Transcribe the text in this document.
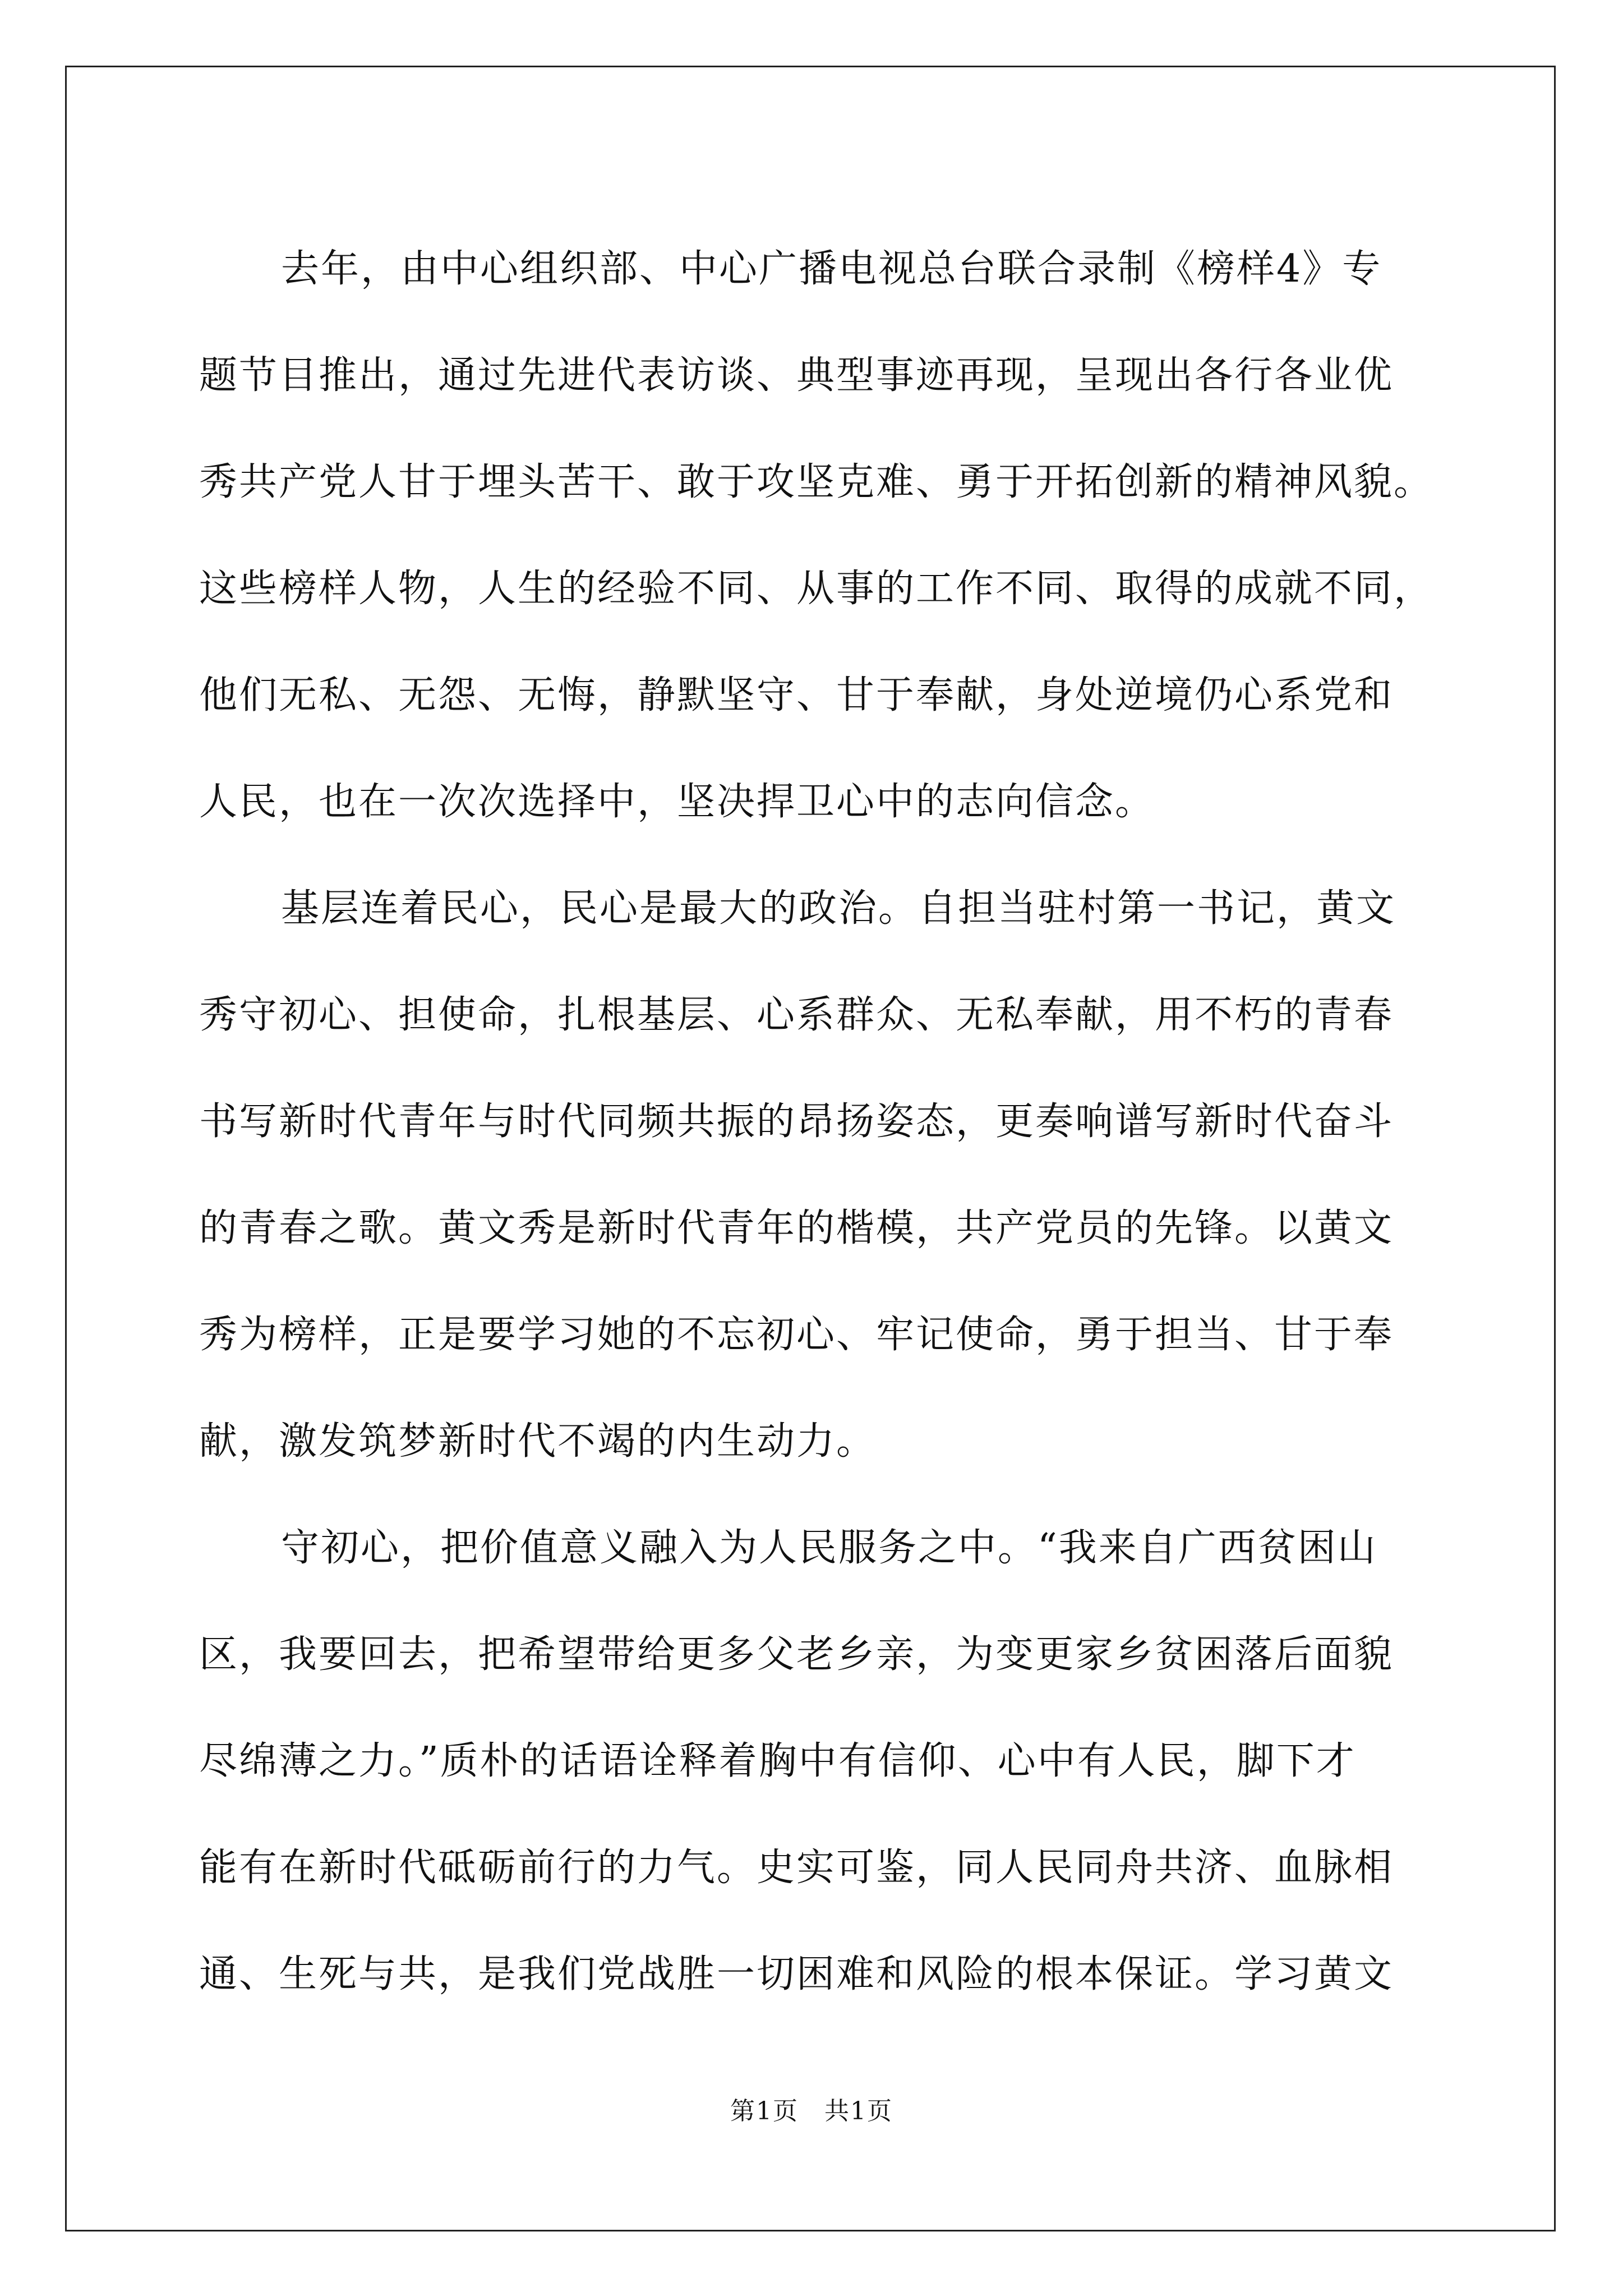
去年，由中心组织部、中心广播电视总台联合录制《榜样4》专
题节目推出，通过先进代表访谈、典型事迹再现，呈现出各行各业优
秀共产党人甘于埋头苦干、敢于攻坚克难、勇于开拓创新的精神风貌。
这些榜样人物，人生的经验不同、从事的工作不同、取得的成就不同，
他们无私、无怨、无悔，静默坚守、甘于奉献，身处逆境仍心系党和
人民，也在一次次选择中，坚决捍卫心中的志向信念。
基层连着民心，民心是最大的政治。自担当驻村第一书记，黄文
秀守初心、担使命，扎根基层、心系群众、无私奉献，用不朽的青春
书写新时代青年与时代同频共振的昂扬姿态，更奏响谱写新时代奋斗
的青春之歌。黄文秀是新时代青年的楷模，共产党员的先锋。以黄文
秀为榜样，正是要学习她的不忘初心、牢记使命，勇于担当、甘于奉
献，激发筑梦新时代不竭的内生动力。
守初心，把价值意义融入为人民服务之中。“我来自广西贫困山
区，我要回去，把希望带给更多父老乡亲，为变更家乡贫困落后面貌
尽绵薄之力。”质朴的话语诠释着胸中有信仰、心中有人民，脚下才
能有在新时代砥砺前行的力气。史实可鉴，同人民同舟共济、血脉相
通、生死与共，是我们党战胜一切困难和风险的根本保证。学习黄文
第1页　共1页
